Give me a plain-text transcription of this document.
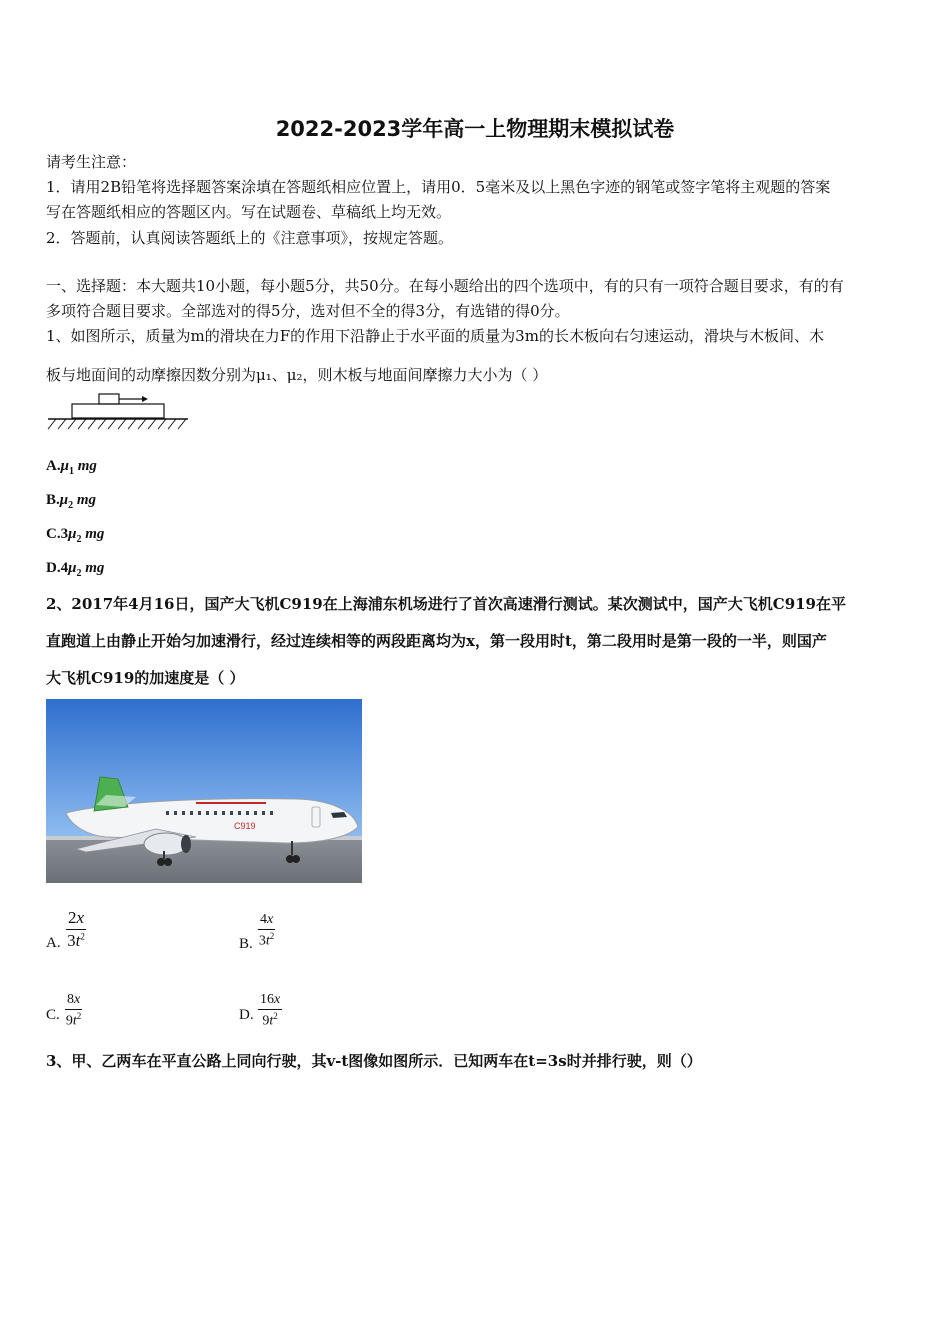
2022-2023学年高一上物理期末模拟试卷
请考生注意：
1．请用2B铅笔将选择题答案涂填在答题纸相应位置上，请用0．5毫米及以上黑色字迹的钢笔或签字笔将主观题的答案
写在答题纸相应的答题区内。写在试题卷、草稿纸上均无效。
2．答题前，认真阅读答题纸上的《注意事项》，按规定答题。
一、选择题：本大题共10小题，每小题5分，共50分。在每小题给出的四个选项中，有的只有一项符合题目要求，有的有
多项符合题目要求。全部选对的得5分，选对但不全的得3分，有选错的得0分。
1、如图所示，质量为m的滑块在力F的作用下沿静止于水平面的质量为3m的长木板向右匀速运动，滑块与木板间、木
板与地面间的动摩擦因数分别为μ₁、μ₂，则木板与地面间摩擦力大小为（ ）
$A.\mu_1$ mg
$B.\mu_2$ mg
$C.3\mu_2$ mg
$D.4\mu_2$ mg
2、2017年4月16日，国产大飞机C919在上海浦东机场进行了首次高速滑行测试。某次测试中，国产大飞机C919在平
直跑道上由静止开始匀加速滑行，经过连续相等的两段距离均为x，第一段用时t，第二段用时是第一段的一半，则国产
大飞机C919的加速度是（ ）
C919
A. $\frac{2x}{3t^2}$	B. $\frac{4x}{3t^2}$
C. $\frac{8x}{9t^2}$	D. $\frac{16x}{9t^2}$
3、甲、乙两车在平直公路上同向行驶，其v-t图像如图所示．已知两车在t=3s时并排行驶，则（）
